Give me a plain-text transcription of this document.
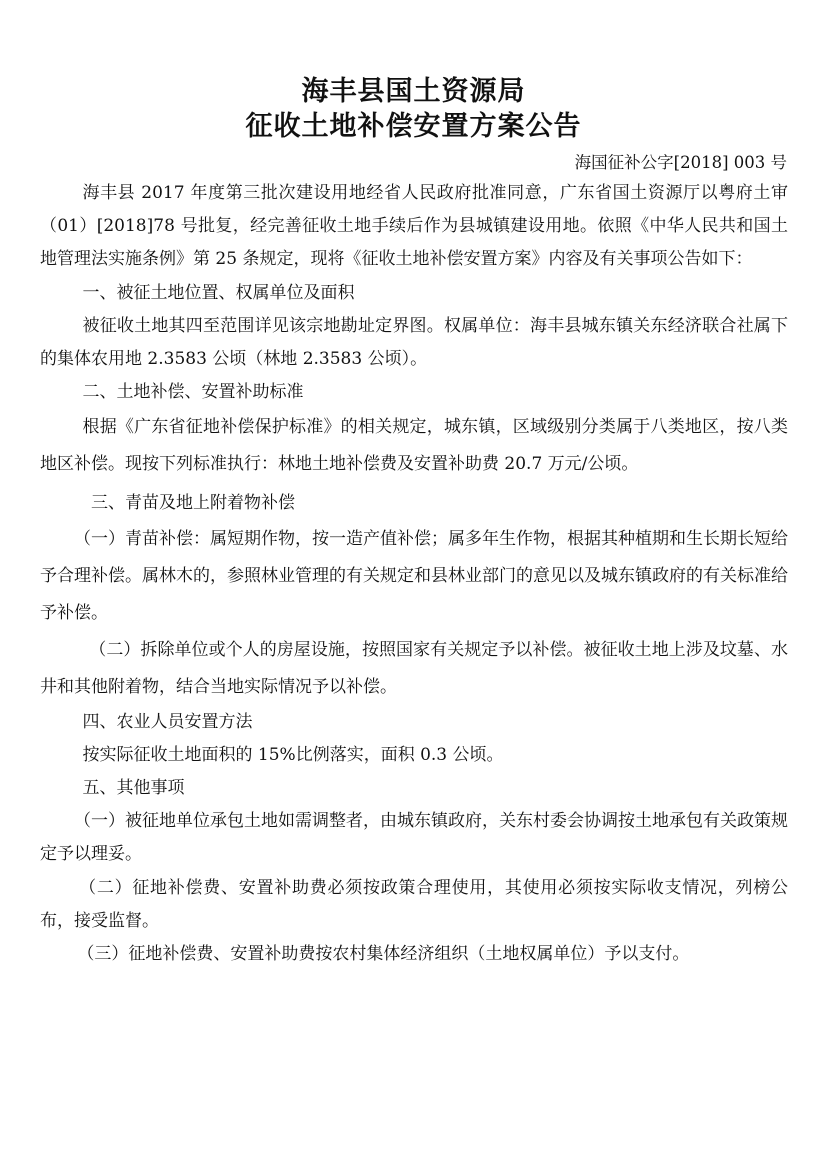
海丰县国土资源局
征收土地补偿安置方案公告
海国征补公字[2018] 003 号

海丰县 2017 年度第三批次建设用地经省人民政府批准同意，广东省国土资源厅以粤府土审（01）[2018]78 号批复，经完善征收土地手续后作为县城镇建设用地。依照《中华人民共和国土地管理法实施条例》第 25 条规定，现将《征收土地补偿安置方案》内容及有关事项公告如下：

一、被征土地位置、权属单位及面积

被征收土地其四至范围详见该宗地勘址定界图。权属单位：海丰县城东镇关东经济联合社属下的集体农用地 2.3583 公顷（林地 2.3583 公顷）。

二、土地补偿、安置补助标准

根据《广东省征地补偿保护标准》的相关规定，城东镇，区域级别分类属于八类地区，按八类地区补偿。现按下列标准执行：林地土地补偿费及安置补助费 20.7 万元/公顷。

三、青苗及地上附着物补偿

（一）青苗补偿：属短期作物，按一造产值补偿；属多年生作物，根据其种植期和生长期长短给予合理补偿。属林木的，参照林业管理的有关规定和县林业部门的意见以及城东镇政府的有关标准给予补偿。

（二）拆除单位或个人的房屋设施，按照国家有关规定予以补偿。被征收土地上涉及坟墓、水井和其他附着物，结合当地实际情况予以补偿。

四、农业人员安置方法

按实际征收土地面积的 15%比例落实，面积 0.3 公顷。

五、其他事项

（一）被征地单位承包土地如需调整者，由城东镇政府，关东村委会协调按土地承包有关政策规定予以理妥。

（二）征地补偿费、安置补助费必须按政策合理使用，其使用必须按实际收支情况，列榜公布，接受监督。

（三）征地补偿费、安置补助费按农村集体经济组织（土地权属单位）予以支付。
